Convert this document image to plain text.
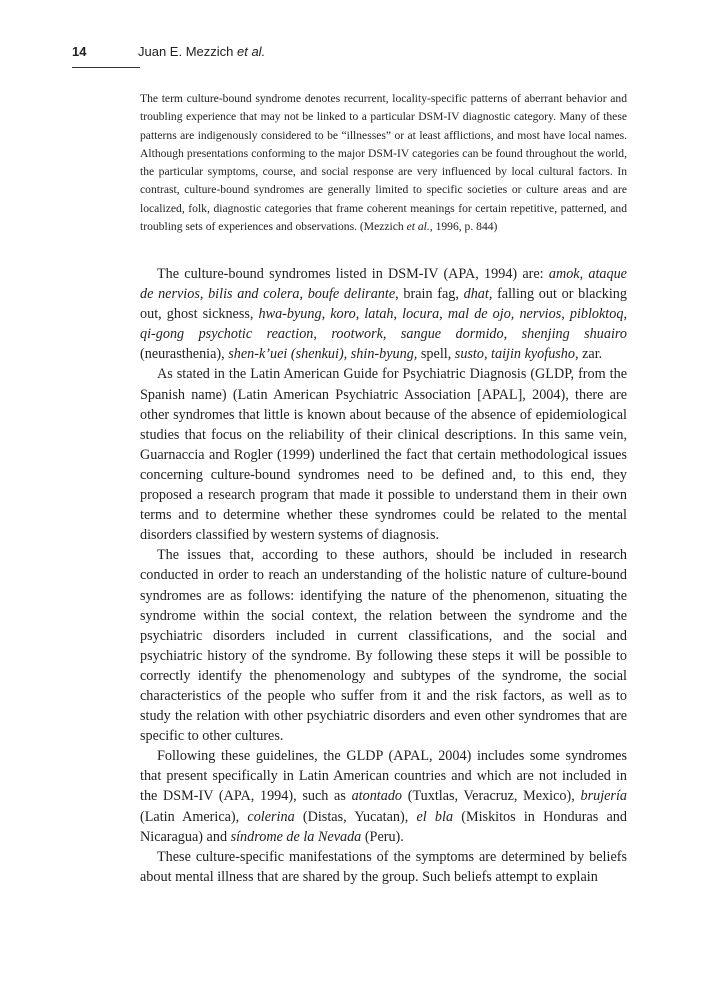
14	Juan E. Mezzich et al.

The term culture-bound syndrome denotes recurrent, locality-specific patterns of aberrant behavior and troubling experience that may not be linked to a particular DSM-IV diagnostic category. Many of these patterns are indigenously considered to be “illnesses” or at least afflictions, and most have local names. Although presentations conforming to the major DSM-IV categories can be found throughout the world, the particular symptoms, course, and social response are very influenced by local cultural factors. In contrast, culture-bound syndromes are generally limited to specific societies or culture areas and are localized, folk, diagnostic categories that frame coherent meanings for certain repetitive, patterned, and troubling sets of experiences and observations. (Mezzich et al., 1996, p. 844)

The culture-bound syndromes listed in DSM-IV (APA, 1994) are: amok, ataque de nervios, bilis and colera, boufe delirante, brain fag, dhat, falling out or blacking out, ghost sickness, hwa-byung, koro, latah, locura, mal de ojo, nervios, pibloktoq, qi-gong psychotic reaction, rootwork, sangue dormido, shenjing shuairo (neurasthenia), shen-k’uei (shenkui), shin-byung, spell, susto, taijin kyofusho, zar.

As stated in the Latin American Guide for Psychiatric Diagnosis (GLDP, from the Spanish name) (Latin American Psychiatric Association [APAL], 2004), there are other syndromes that little is known about because of the absence of epidemiological studies that focus on the reliability of their clinical descriptions. In this same vein, Guarnaccia and Rogler (1999) underlined the fact that certain methodological issues concerning culture-bound syndromes need to be defined and, to this end, they proposed a research program that made it possible to understand them in their own terms and to determine whether these syndromes could be related to the mental disorders classified by western systems of diagnosis.

The issues that, according to these authors, should be included in research conducted in order to reach an understanding of the holistic nature of culture-bound syndromes are as follows: identifying the nature of the phenomenon, situating the syndrome within the social context, the relation between the syndrome and the psychiatric disorders included in current classifications, and the social and psychiatric history of the syndrome. By following these steps it will be possible to correctly identify the phenomenology and subtypes of the syndrome, the social characteristics of the people who suffer from it and the risk factors, as well as to study the relation with other psychiatric disorders and even other syndromes that are specific to other cultures.

Following these guidelines, the GLDP (APAL, 2004) includes some syndromes that present specifically in Latin American countries and which are not included in the DSM-IV (APA, 1994), such as atontado (Tuxtlas, Veracruz, Mexico), brujería (Latin America), colerina (Distas, Yucatan), el bla (Miskitos in Honduras and Nicaragua) and síndrome de la Nevada (Peru).

These culture-specific manifestations of the symptoms are determined by beliefs about mental illness that are shared by the group. Such beliefs attempt to explain
